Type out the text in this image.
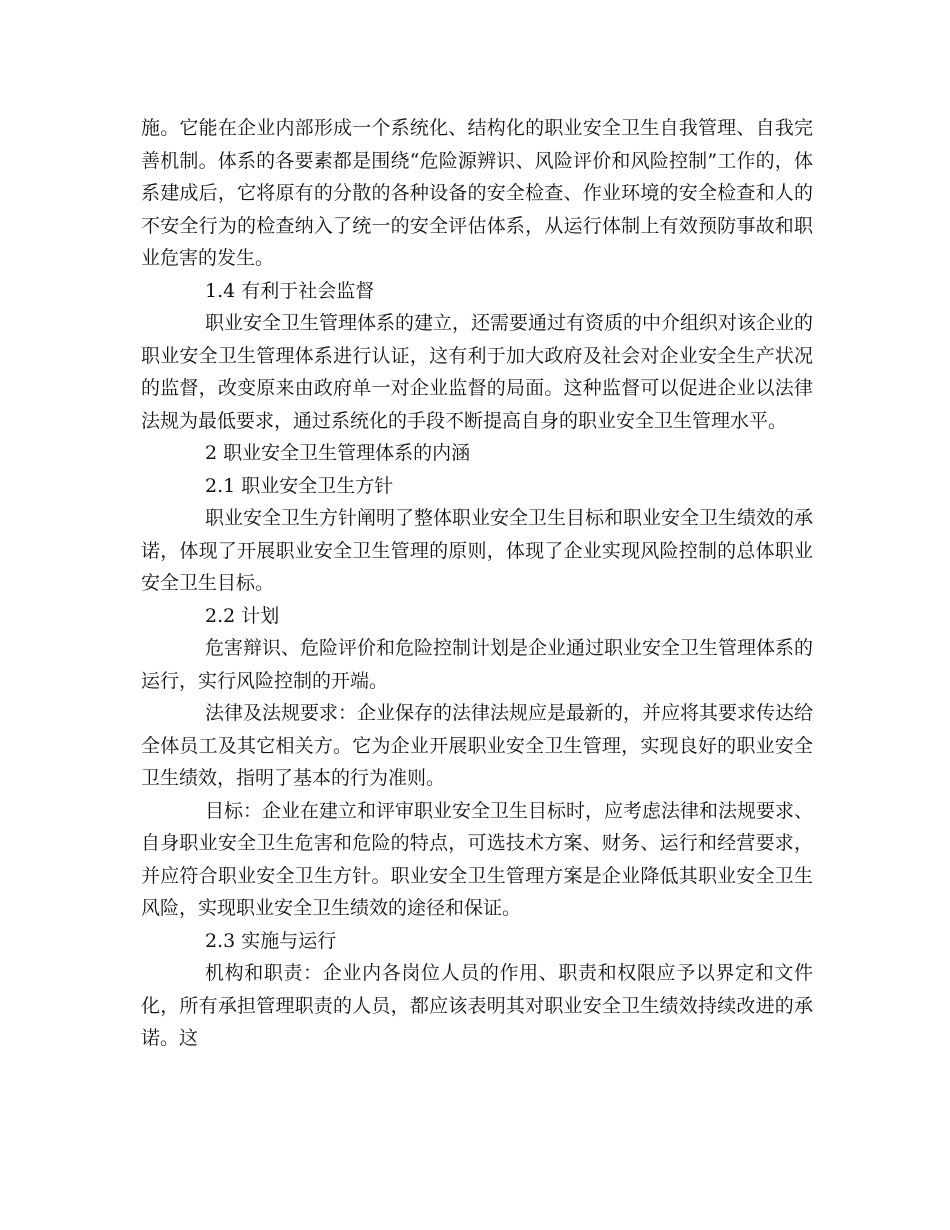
施。它能在企业内部形成一个系统化、结构化的职业安全卫生自我管理、自我完善机制。体系的各要素都是围绕“危险源辨识、风险评价和风险控制”工作的，体系建成后，它将原有的分散的各种设备的安全检查、作业环境的安全检查和人的不安全行为的检查纳入了统一的安全评估体系，从运行体制上有效预防事故和职业危害的发生。

1.4 有利于社会监督

职业安全卫生管理体系的建立，还需要通过有资质的中介组织对该企业的职业安全卫生管理体系进行认证，这有利于加大政府及社会对企业安全生产状况的监督，改变原来由政府单一对企业监督的局面。这种监督可以促进企业以法律法规为最低要求，通过系统化的手段不断提高自身的职业安全卫生管理水平。

2 职业安全卫生管理体系的内涵
2.1 职业安全卫生方针

职业安全卫生方针阐明了整体职业安全卫生目标和职业安全卫生绩效的承诺，体现了开展职业安全卫生管理的原则，体现了企业实现风险控制的总体职业安全卫生目标。

2.2 计划

危害辩识、危险评价和危险控制计划是企业通过职业安全卫生管理体系的运行，实行风险控制的开端。

法律及法规要求：企业保存的法律法规应是最新的，并应将其要求传达给全体员工及其它相关方。它为企业开展职业安全卫生管理，实现良好的职业安全卫生绩效，指明了基本的行为准则。

目标：企业在建立和评审职业安全卫生目标时，应考虑法律和法规要求、自身职业安全卫生危害和危险的特点，可选技术方案、财务、运行和经营要求，并应符合职业安全卫生方针。职业安全卫生管理方案是企业降低其职业安全卫生风险，实现职业安全卫生绩效的途径和保证。

2.3 实施与运行

机构和职责：企业内各岗位人员的作用、职责和权限应予以界定和文件化，所有承担管理职责的人员，都应该表明其对职业安全卫生绩效持续改进的承诺。这
